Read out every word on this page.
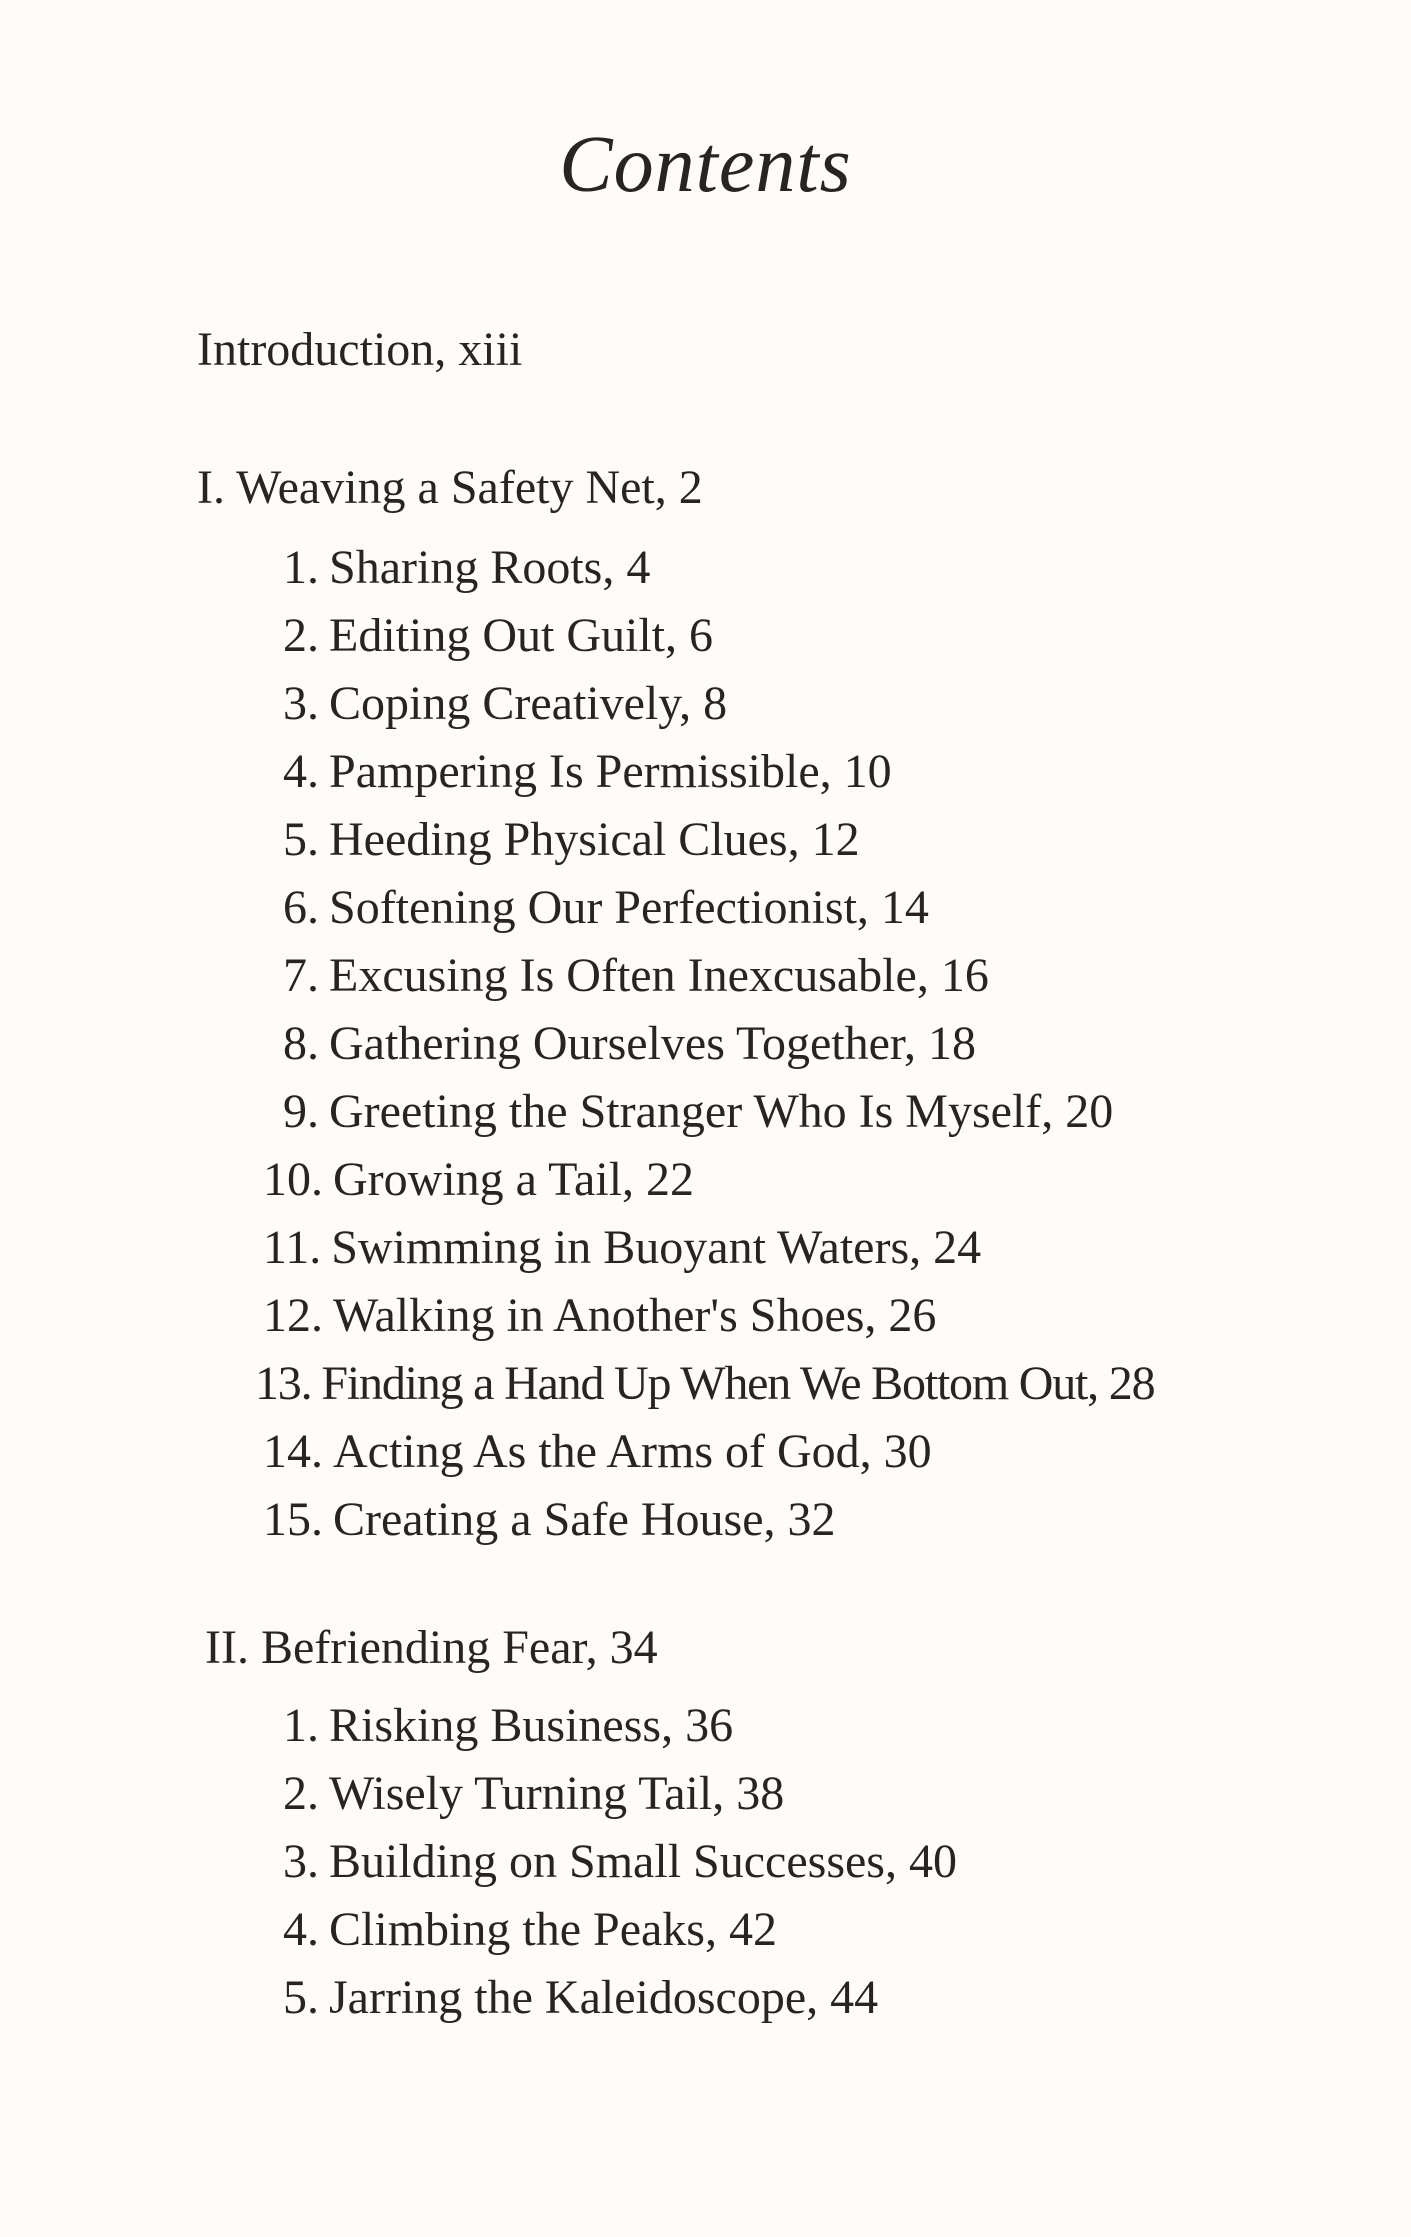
Contents
Introduction, xiii
I. Weaving a Safety Net, 2
1. Sharing Roots, 4
2. Editing Out Guilt, 6
3. Coping Creatively, 8
4. Pampering Is Permissible, 10
5. Heeding Physical Clues, 12
6. Softening Our Perfectionist, 14
7. Excusing Is Often Inexcusable, 16
8. Gathering Ourselves Together, 18
9. Greeting the Stranger Who Is Myself, 20
10. Growing a Tail, 22
11. Swimming in Buoyant Waters, 24
12. Walking in Another's Shoes, 26
13. Finding a Hand Up When We Bottom Out, 28
14. Acting As the Arms of God, 30
15. Creating a Safe House, 32
II. Befriending Fear, 34
1. Risking Business, 36
2. Wisely Turning Tail, 38
3. Building on Small Successes, 40
4. Climbing the Peaks, 42
5. Jarring the Kaleidoscope, 44
